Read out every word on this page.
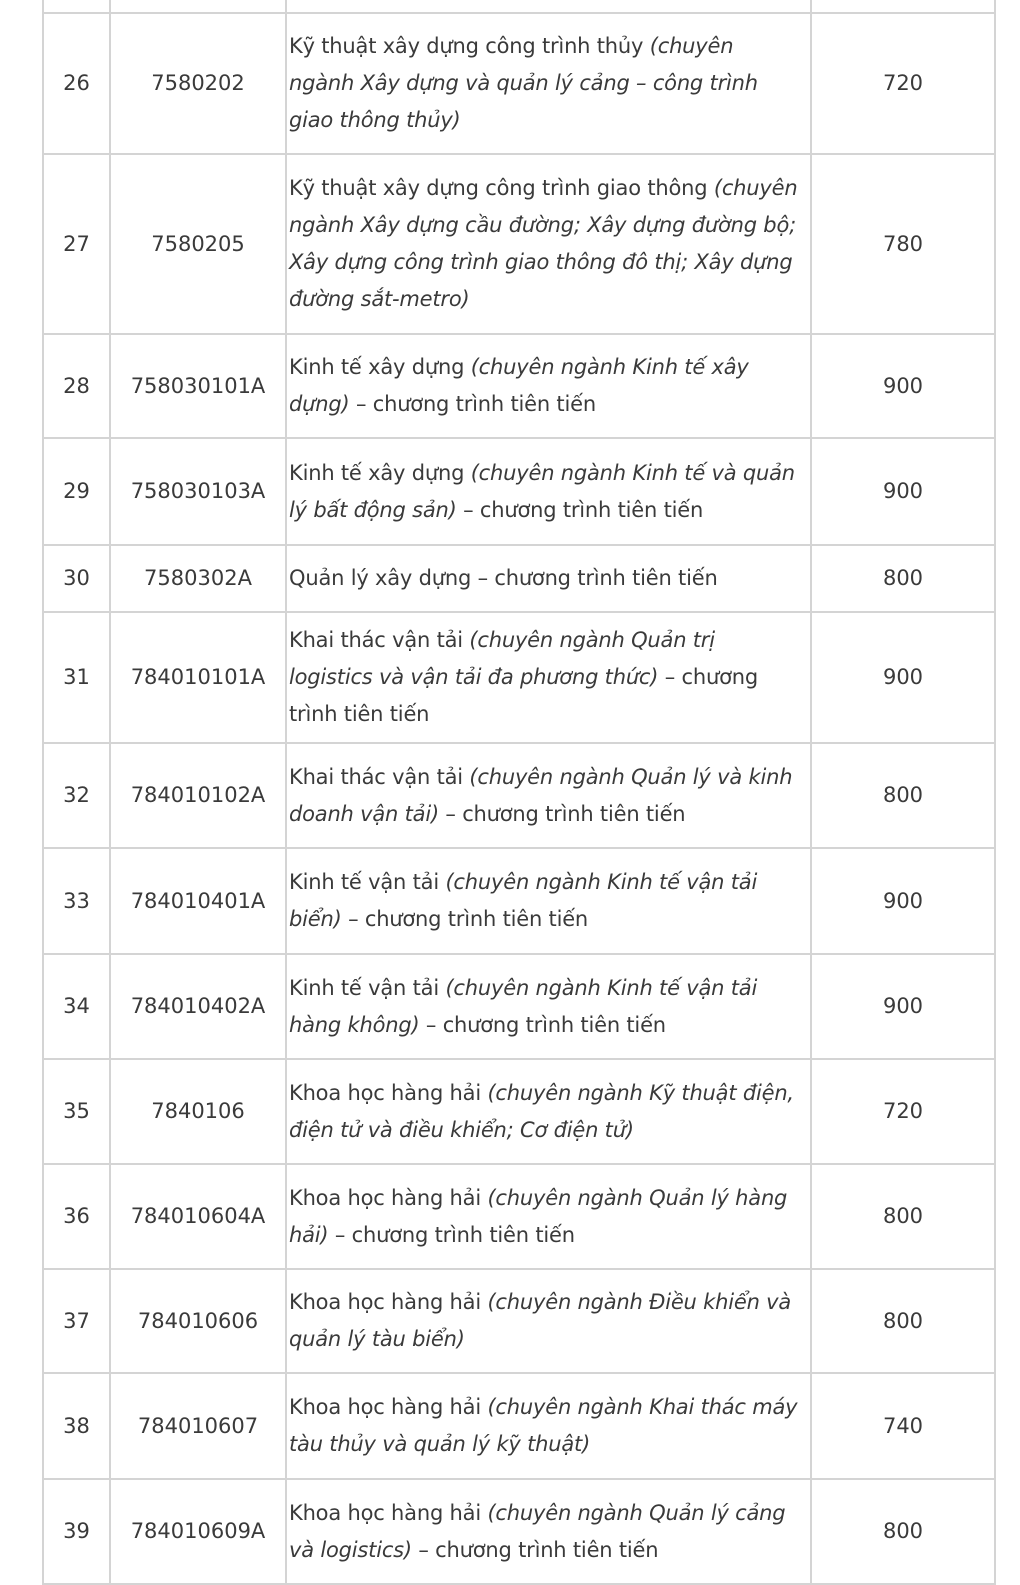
26	7580202	Kỹ thuật xây dựng công trình thủy (chuyên ngành Xây dựng và quản lý cảng – công trình giao thông thủy)	720
27	7580205	Kỹ thuật xây dựng công trình giao thông (chuyên ngành Xây dựng cầu đường; Xây dựng đường bộ; Xây dựng công trình giao thông đô thị; Xây dựng đường sắt-metro)	780
28	758030101A	Kinh tế xây dựng (chuyên ngành Kinh tế xây dựng) – chương trình tiên tiến	900
29	758030103A	Kinh tế xây dựng (chuyên ngành Kinh tế và quản lý bất động sản) – chương trình tiên tiến	900
30	7580302A	Quản lý xây dựng – chương trình tiên tiến	800
31	784010101A	Khai thác vận tải (chuyên ngành Quản trị logistics và vận tải đa phương thức) – chương trình tiên tiến	900
32	784010102A	Khai thác vận tải (chuyên ngành Quản lý và kinh doanh vận tải) – chương trình tiên tiến	800
33	784010401A	Kinh tế vận tải (chuyên ngành Kinh tế vận tải biển) – chương trình tiên tiến	900
34	784010402A	Kinh tế vận tải (chuyên ngành Kinh tế vận tải hàng không) – chương trình tiên tiến	900
35	7840106	Khoa học hàng hải (chuyên ngành Kỹ thuật điện, điện tử và điều khiển; Cơ điện tử)	720
36	784010604A	Khoa học hàng hải (chuyên ngành Quản lý hàng hải) – chương trình tiên tiến	800
37	784010606	Khoa học hàng hải (chuyên ngành Điều khiển và quản lý tàu biển)	800
38	784010607	Khoa học hàng hải (chuyên ngành Khai thác máy tàu thủy và quản lý kỹ thuật)	740
39	784010609A	Khoa học hàng hải (chuyên ngành Quản lý cảng và logistics) – chương trình tiên tiến	800
